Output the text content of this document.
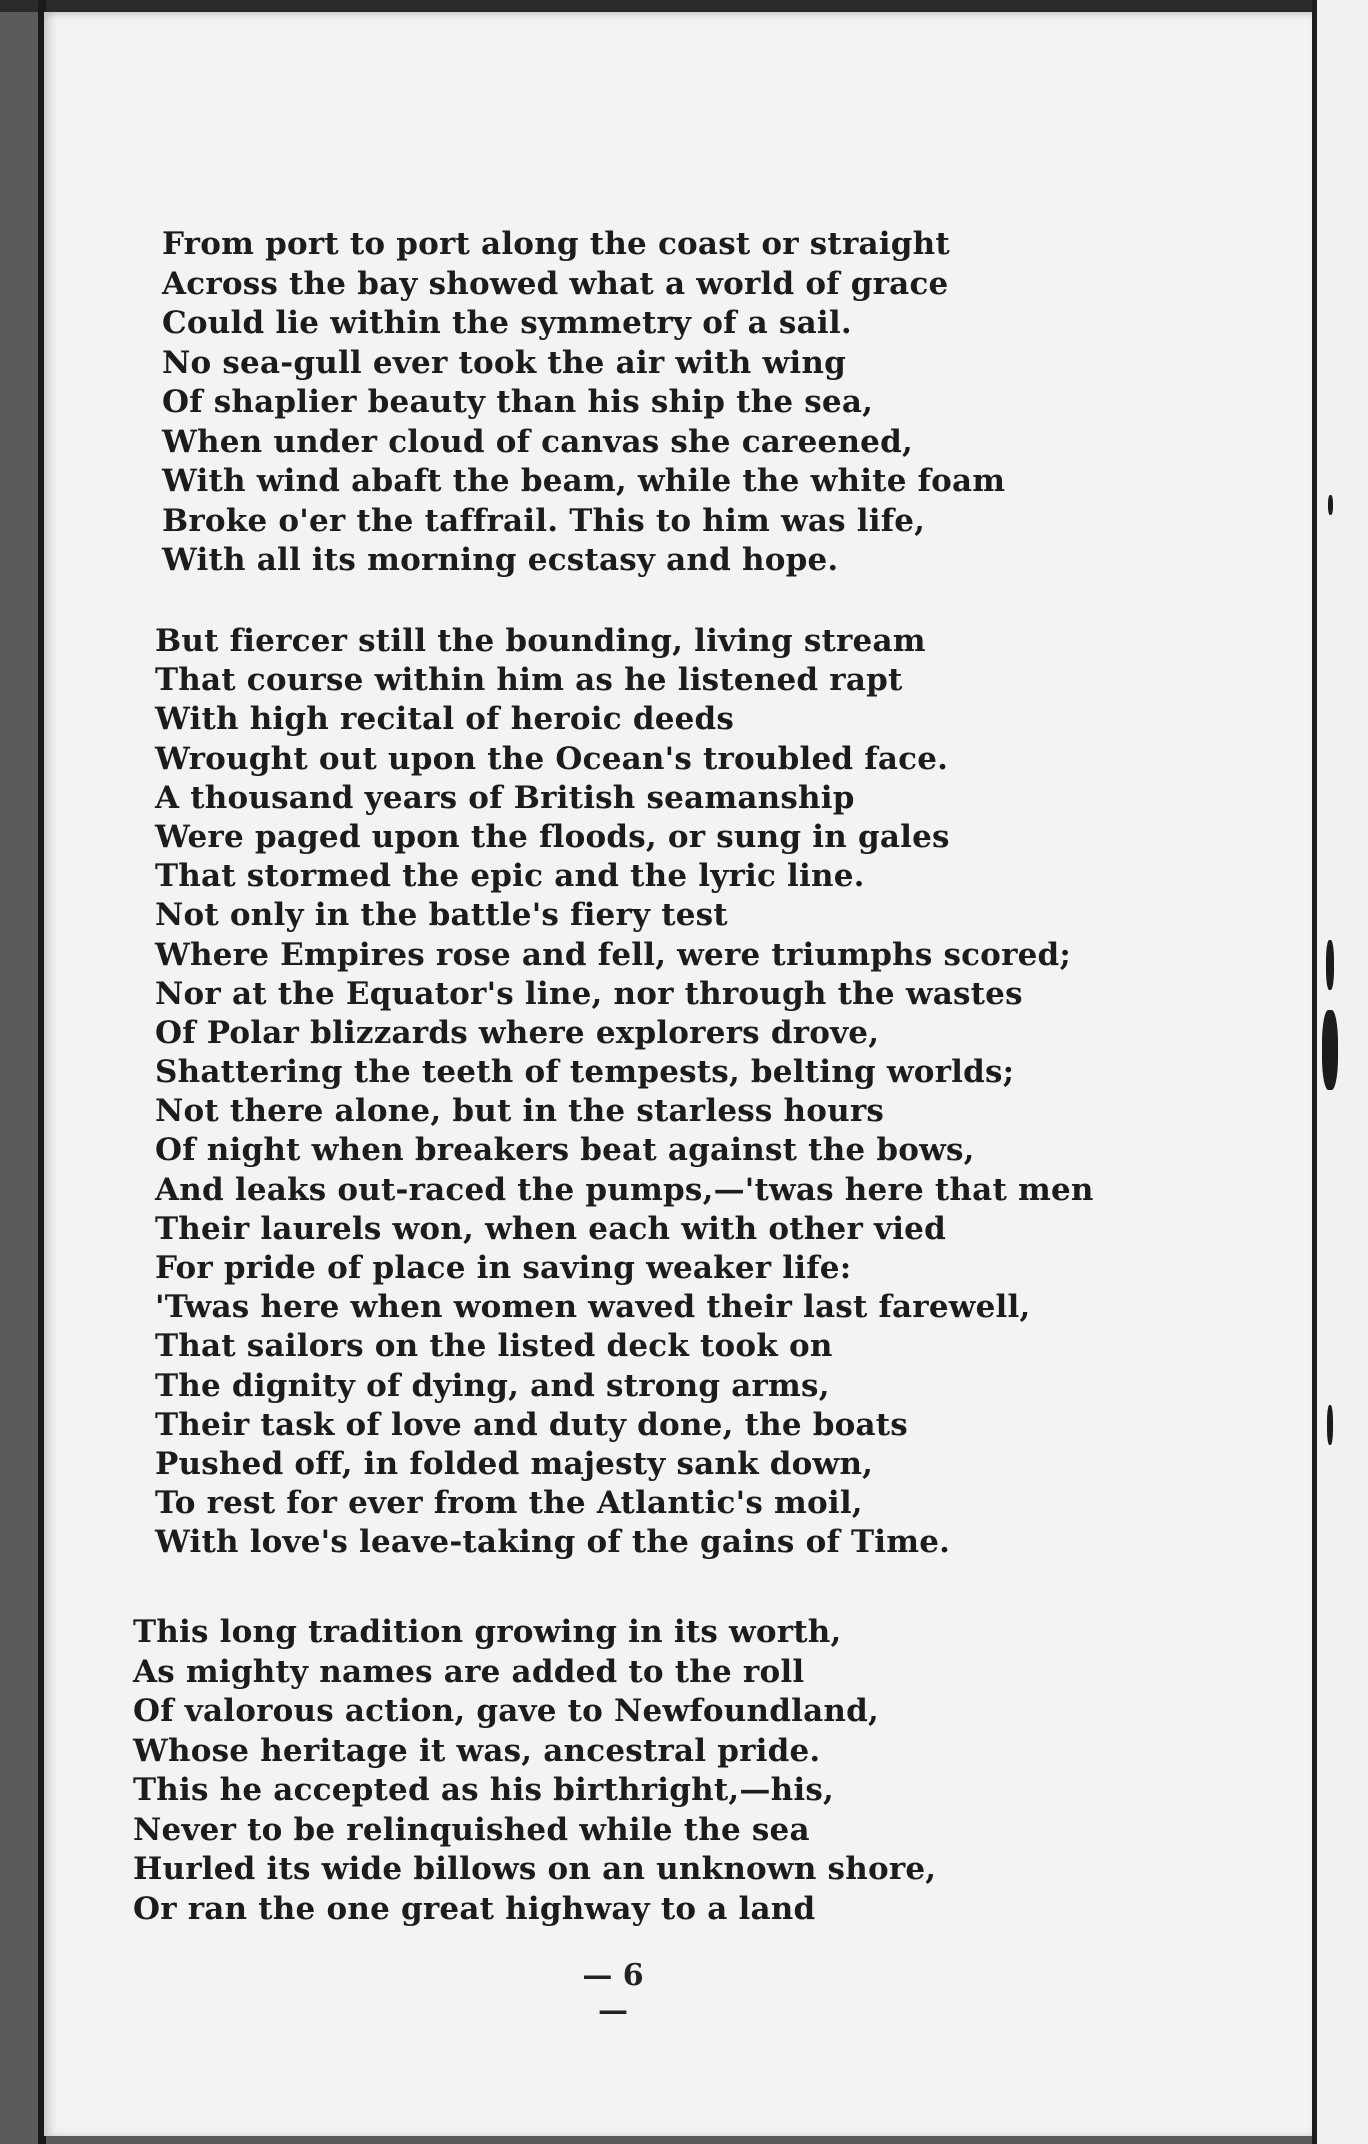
From port to port along the coast or straight
Across the bay showed what a world of grace
Could lie within the symmetry of a sail.
No sea-gull ever took the air with wing
Of shaplier beauty than his ship the sea,
When under cloud of canvas she careened,
With wind abaft the beam, while the white foam
Broke o'er the taffrail. This to him was life,
With all its morning ecstasy and hope.
But fiercer still the bounding, living stream
That course within him as he listened rapt
With high recital of heroic deeds
Wrought out upon the Ocean's troubled face.
A thousand years of British seamanship
Were paged upon the floods, or sung in gales
That stormed the epic and the lyric line.
Not only in the battle's fiery test
Where Empires rose and fell, were triumphs scored;
Nor at the Equator's line, nor through the wastes
Of Polar blizzards where explorers drove,
Shattering the teeth of tempests, belting worlds;
Not there alone, but in the starless hours
Of night when breakers beat against the bows,
And leaks out-raced the pumps,—'twas here that men
Their laurels won, when each with other vied
For pride of place in saving weaker life:
'Twas here when women waved their last farewell,
That sailors on the listed deck took on
The dignity of dying, and strong arms,
Their task of love and duty done, the boats
Pushed off, in folded majesty sank down,
To rest for ever from the Atlantic's moil,
With love's leave-taking of the gains of Time.
This long tradition growing in its worth,
As mighty names are added to the roll
Of valorous action, gave to Newfoundland,
Whose heritage it was, ancestral pride.
This he accepted as his birthright,—his,
Never to be relinquished while the sea
Hurled its wide billows on an unknown shore,
Or ran the one great highway to a land
— 6 —
